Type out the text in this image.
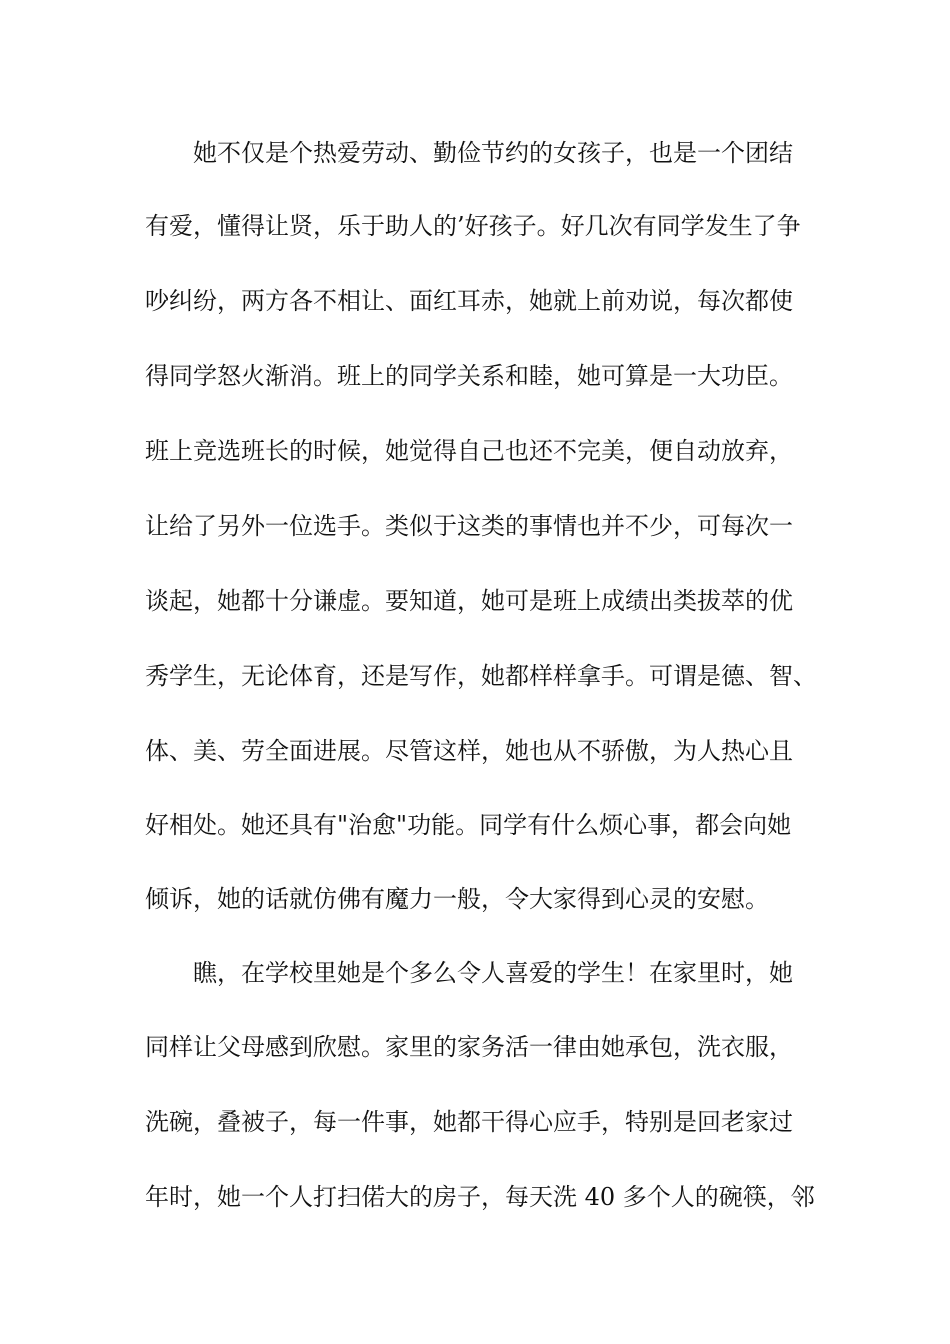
她不仅是个热爱劳动、勤俭节约的女孩子，也是一个团结
有爱，懂得让贤，乐于助人的’好孩子。好几次有同学发生了争
吵纠纷，两方各不相让、面红耳赤，她就上前劝说，每次都使
得同学怒火渐消。班上的同学关系和睦，她可算是一大功臣。
班上竞选班长的时候，她觉得自己也还不完美，便自动放弃，
让给了另外一位选手。类似于这类的事情也并不少，可每次一
谈起，她都十分谦虚。要知道，她可是班上成绩出类拔萃的优
秀学生，无论体育，还是写作，她都样样拿手。可谓是德、智、
体、美、劳全面进展。尽管这样，她也从不骄傲，为人热心且
好相处。她还具有"治愈"功能。同学有什么烦心事，都会向她
倾诉，她的话就仿佛有魔力一般，令大家得到心灵的安慰。
瞧，在学校里她是个多么令人喜爱的学生！在家里时，她
同样让父母感到欣慰。家里的家务活一律由她承包，洗衣服，
洗碗，叠被子，每一件事，她都干得心应手，特别是回老家过
年时，她一个人打扫偌大的房子，每天洗 40 多个人的碗筷，邻
